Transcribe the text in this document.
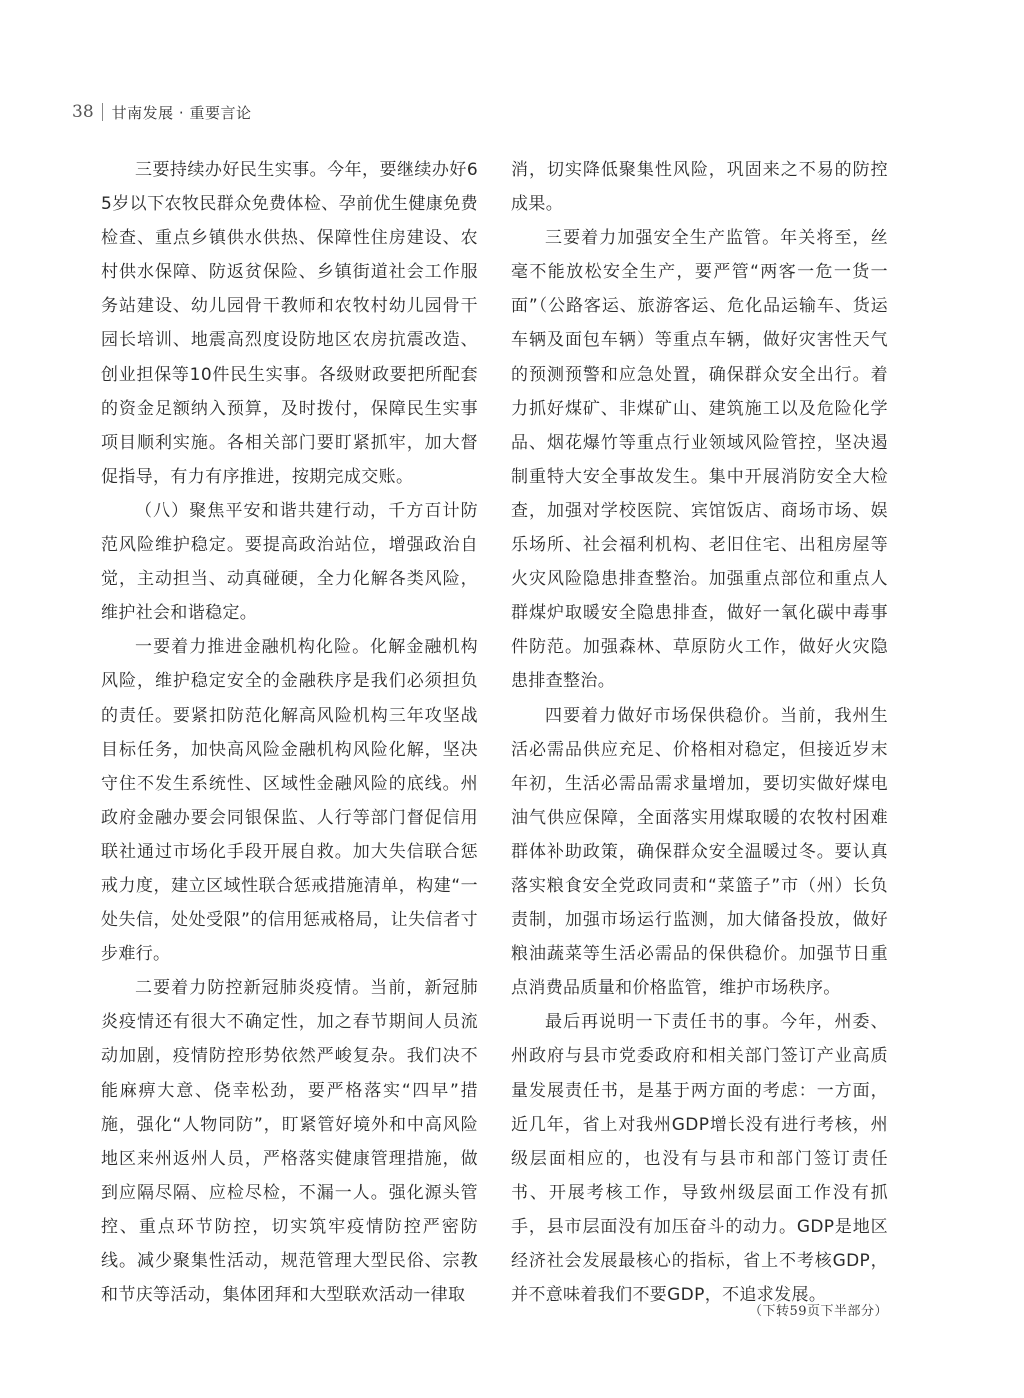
38 甘南发展 · 重要言论

三要持续办好民生实事。今年，要继续办好65岁以下农牧民群众免费体检、孕前优生健康免费检查、重点乡镇供水供热、保障性住房建设、农村供水保障、防返贫保险、乡镇街道社会工作服务站建设、幼儿园骨干教师和农牧村幼儿园骨干园长培训、地震高烈度设防地区农房抗震改造、创业担保等10件民生实事。各级财政要把所配套的资金足额纳入预算，及时拨付，保障民生实事项目顺利实施。各相关部门要盯紧抓牢，加大督促指导，有力有序推进，按期完成交账。

（八）聚焦平安和谐共建行动，千方百计防范风险维护稳定。要提高政治站位，增强政治自觉，主动担当、动真碰硬，全力化解各类风险，维护社会和谐稳定。

一要着力推进金融机构化险。化解金融机构风险，维护稳定安全的金融秩序是我们必须担负的责任。要紧扣防范化解高风险机构三年攻坚战目标任务，加快高风险金融机构风险化解，坚决守住不发生系统性、区域性金融风险的底线。州政府金融办要会同银保监、人行等部门督促信用联社通过市场化手段开展自救。加大失信联合惩戒力度，建立区域性联合惩戒措施清单，构建“一处失信，处处受限”的信用惩戒格局，让失信者寸步难行。

二要着力防控新冠肺炎疫情。当前，新冠肺炎疫情还有很大不确定性，加之春节期间人员流动加剧，疫情防控形势依然严峻复杂。我们决不能麻痹大意、侥幸松劲，要严格落实“四早”措施，强化“人物同防”，盯紧管好境外和中高风险地区来州返州人员，严格落实健康管理措施，做到应隔尽隔、应检尽检，不漏一人。强化源头管控、重点环节防控，切实筑牢疫情防控严密防线。减少聚集性活动，规范管理大型民俗、宗教和节庆等活动，集体团拜和大型联欢活动一律取

消，切实降低聚集性风险，巩固来之不易的防控成果。

三要着力加强安全生产监管。年关将至，丝毫不能放松安全生产，要严管“两客一危一货一面”（公路客运、旅游客运、危化品运输车、货运车辆及面包车辆）等重点车辆，做好灾害性天气的预测预警和应急处置，确保群众安全出行。着力抓好煤矿、非煤矿山、建筑施工以及危险化学品、烟花爆竹等重点行业领域风险管控，坚决遏制重特大安全事故发生。集中开展消防安全大检查，加强对学校医院、宾馆饭店、商场市场、娱乐场所、社会福利机构、老旧住宅、出租房屋等火灾风险隐患排查整治。加强重点部位和重点人群煤炉取暖安全隐患排查，做好一氧化碳中毒事件防范。加强森林、草原防火工作，做好火灾隐患排查整治。

四要着力做好市场保供稳价。当前，我州生活必需品供应充足、价格相对稳定，但接近岁末年初，生活必需品需求量增加，要切实做好煤电油气供应保障，全面落实用煤取暖的农牧村困难群体补助政策，确保群众安全温暖过冬。要认真落实粮食安全党政同责和“菜篮子”市（州）长负责制，加强市场运行监测，加大储备投放，做好粮油蔬菜等生活必需品的保供稳价。加强节日重点消费品质量和价格监管，维护市场秩序。

最后再说明一下责任书的事。今年，州委、州政府与县市党委政府和相关部门签订产业高质量发展责任书，是基于两方面的考虑：一方面，近几年，省上对我州GDP增长没有进行考核，州级层面相应的，也没有与县市和部门签订责任书、开展考核工作，导致州级层面工作没有抓手，县市层面没有加压奋斗的动力。GDP是地区经济社会发展最核心的指标，省上不考核GDP，并不意味着我们不要GDP，不追求发展。

（下转59页下半部分）
